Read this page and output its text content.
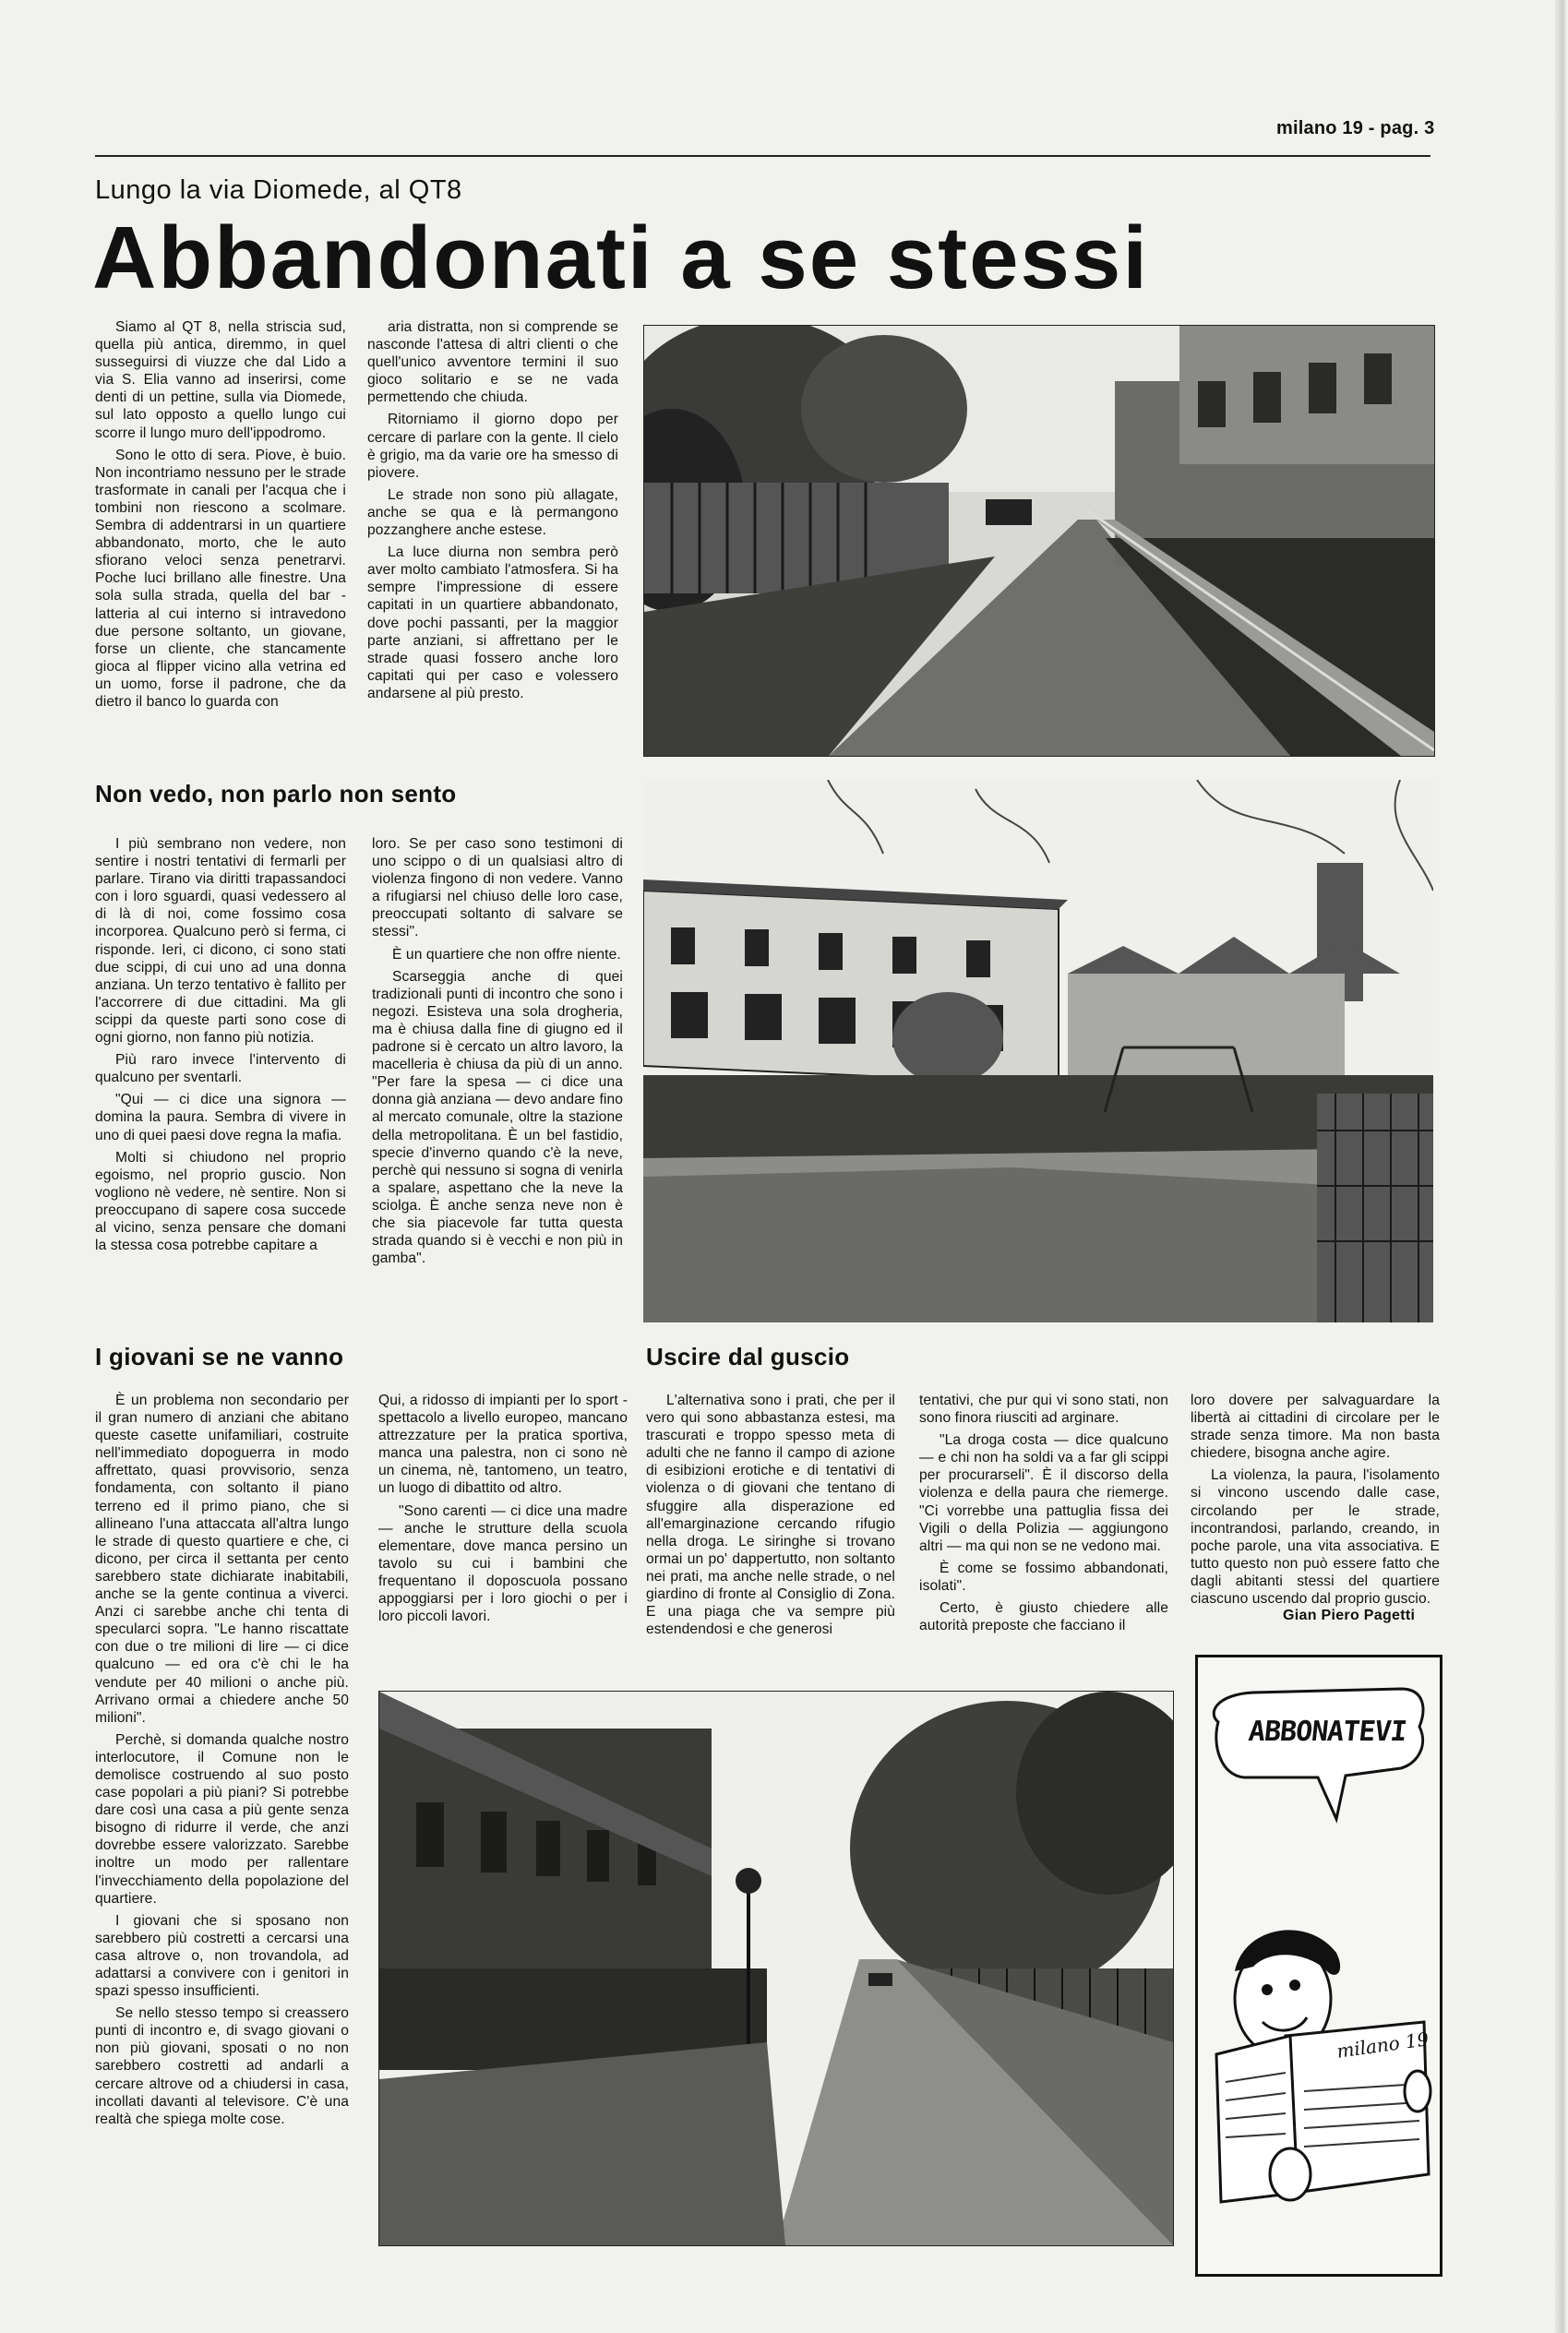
milano 19 - pag. 3
Lungo la via Diomede, al QT8
Abbandonati a se stessi

Siamo al QT 8, nella striscia sud, quella più antica, diremmo, in quel susseguirsi di viuzze che dal Lido a via S. Elia vanno ad inserirsi, come denti di un pettine, sulla via Diomede, sul lato opposto a quello lungo cui scorre il lungo muro dell'ippodromo.

Sono le otto di sera. Piove, è buio. Non incontriamo nessuno per le strade trasformate in canali per l'acqua che i tombini non riescono a scolmare. Sembra di addentrarsi in un quartiere abbandonato, morto, che le auto sfiorano veloci senza penetrarvi. Poche luci brillano alle finestre. Una sola sulla strada, quella del bar - latteria al cui interno si intravedono due persone soltanto, un giovane, forse un cliente, che stancamente gioca al flipper vicino alla vetrina ed un uomo, forse il padrone, che da dietro il banco lo guarda con

aria distratta, non si comprende se nasconde l'attesa di altri clienti o che quell'unico avventore termini il suo gioco solitario e se ne vada permettendo che chiuda.

Ritorniamo il giorno dopo per cercare di parlare con la gente. Il cielo è grigio, ma da varie ore ha smesso di piovere.

Le strade non sono più allagate, anche se qua e là permangono pozzanghere anche estese.

La luce diurna non sembra però aver molto cambiato l'atmosfera. Si ha sempre l'impressione di essere capitati in un quartiere abbandonato, dove pochi passanti, per la maggior parte anziani, si affrettano per le strade quasi fossero anche loro capitati qui per caso e volessero andarsene al più presto.

Non vedo, non parlo non sento

I più sembrano non vedere, non sentire i nostri tentativi di fermarli per parlare. Tirano via diritti trapassandoci con i loro sguardi, quasi vedessero al di là di noi, come fossimo cosa incorporea. Qualcuno però si ferma, ci risponde. Ieri, ci dicono, ci sono stati due scippi, di cui uno ad una donna anziana. Un terzo tentativo è fallito per l'accorrere di due cittadini. Ma gli scippi da queste parti sono cose di ogni giorno, non fanno più notizia.

Più raro invece l'intervento di qualcuno per sventarli.

"Qui — ci dice una signora — domina la paura. Sembra di vivere in uno di quei paesi dove regna la mafia.

Molti si chiudono nel proprio egoismo, nel proprio guscio. Non vogliono nè vedere, nè sentire. Non si preoccupano di sapere cosa succede al vicino, senza pensare che domani la stessa cosa potrebbe capitare a

loro. Se per caso sono testimoni di uno scippo o di un qualsiasi altro di violenza fingono di non vedere. Vanno a rifugiarsi nel chiuso delle loro case, preoccupati soltanto di salvare se stessi".

È un quartiere che non offre niente.

Scarseggia anche di quei tradizionali punti di incontro che sono i negozi. Esisteva una sola drogheria, ma è chiusa dalla fine di giugno ed il padrone si è cercato un altro lavoro, la macelleria è chiusa da più di un anno. "Per fare la spesa — ci dice una donna già anziana — devo andare fino al mercato comunale, oltre la stazione della metropolitana. È un bel fastidio, specie d'inverno quando c'è la neve, perchè qui nessuno si sogna di venirla a spalare, aspettano che la neve la sciolga. È anche senza neve non è che sia piacevole far tutta questa strada quando si è vecchi e non più in gamba".

I giovani se ne vanno

È un problema non secondario per il gran numero di anziani che abitano queste casette unifamiliari, costruite nell'immediato dopoguerra in modo affrettato, quasi provvisorio, senza fondamenta, con soltanto il piano terreno ed il primo piano, che si allineano l'una attaccata all'altra lungo le strade di questo quartiere e che, ci dicono, per circa il settanta per cento sarebbero state dichiarate inabitabili, anche se la gente continua a viverci. Anzi ci sarebbe anche chi tenta di specularci sopra. "Le hanno riscattate con due o tre milioni di lire — ci dice qualcuno — ed ora c'è chi le ha vendute per 40 milioni o anche più. Arrivano ormai a chiedere anche 50 milioni".

Perchè, si domanda qualche nostro interlocutore, il Comune non le demolisce costruendo al suo posto case popolari a più piani? Si potrebbe dare così una casa a più gente senza bisogno di ridurre il verde, che anzi dovrebbe essere valorizzato. Sarebbe inoltre un modo per rallentare l'invecchiamento della popolazione del quartiere.

I giovani che si sposano non sarebbero più costretti a cercarsi una casa altrove o, non trovandola, ad adattarsi a convivere con i genitori in spazi spesso insufficienti.

Se nello stesso tempo si creassero punti di incontro e, di svago giovani o non più giovani, sposati o no non sarebbero costretti ad andarli a cercare altrove od a chiudersi in casa, incollati davanti al televisore. C'è una realtà che spiega molte cose.

Qui, a ridosso di impianti per lo sport - spettacolo a livello europeo, mancano attrezzature per la pratica sportiva, manca una palestra, non ci sono nè un cinema, nè, tantomeno, un teatro, un luogo di dibattito od altro.

"Sono carenti — ci dice una madre — anche le strutture della scuola elementare, dove manca persino un tavolo su cui i bambini che frequentano il doposcuola possano appoggiarsi per i loro giochi o per i loro piccoli lavori.

Uscire dal guscio

L'alternativa sono i prati, che per il vero qui sono abbastanza estesi, ma trascurati e troppo spesso meta di adulti che ne fanno il campo di azione di esibizioni erotiche e di tentativi di violenza o di giovani che tentano di sfuggire alla disperazione ed all'emarginazione cercando rifugio nella droga. Le siringhe si trovano ormai un po' dappertutto, non soltanto nei prati, ma anche nelle strade, o nel giardino di fronte al Consiglio di Zona. E una piaga che va sempre più estendendosi e che generosi

tentativi, che pur qui vi sono stati, non sono finora riusciti ad arginare.

"La droga costa — dice qualcuno — e chi non ha soldi va a far gli scippi per procurarseli". È il discorso della violenza e della paura che riemerge. "Ci vorrebbe una pattuglia fissa dei Vigili o della Polizia — aggiungono altri — ma qui non se ne vedono mai.

È come se fossimo abbandonati, isolati".

Certo, è giusto chiedere alle autorità preposte che facciano il

loro dovere per salvaguardare la libertà ai cittadini di circolare per le strade senza timore. Ma non basta chiedere, bisogna anche agire.

La violenza, la paura, l'isolamento si vincono uscendo dalle case, circolando per le strade, incontrandosi, parlando, creando, in poche parole, una vita associativa. E tutto questo non può essere fatto che dagli abitanti stessi del quartiere ciascuno uscendo dal proprio guscio.

Gian Piero Pagetti
ABBONATEVI
milano 19
